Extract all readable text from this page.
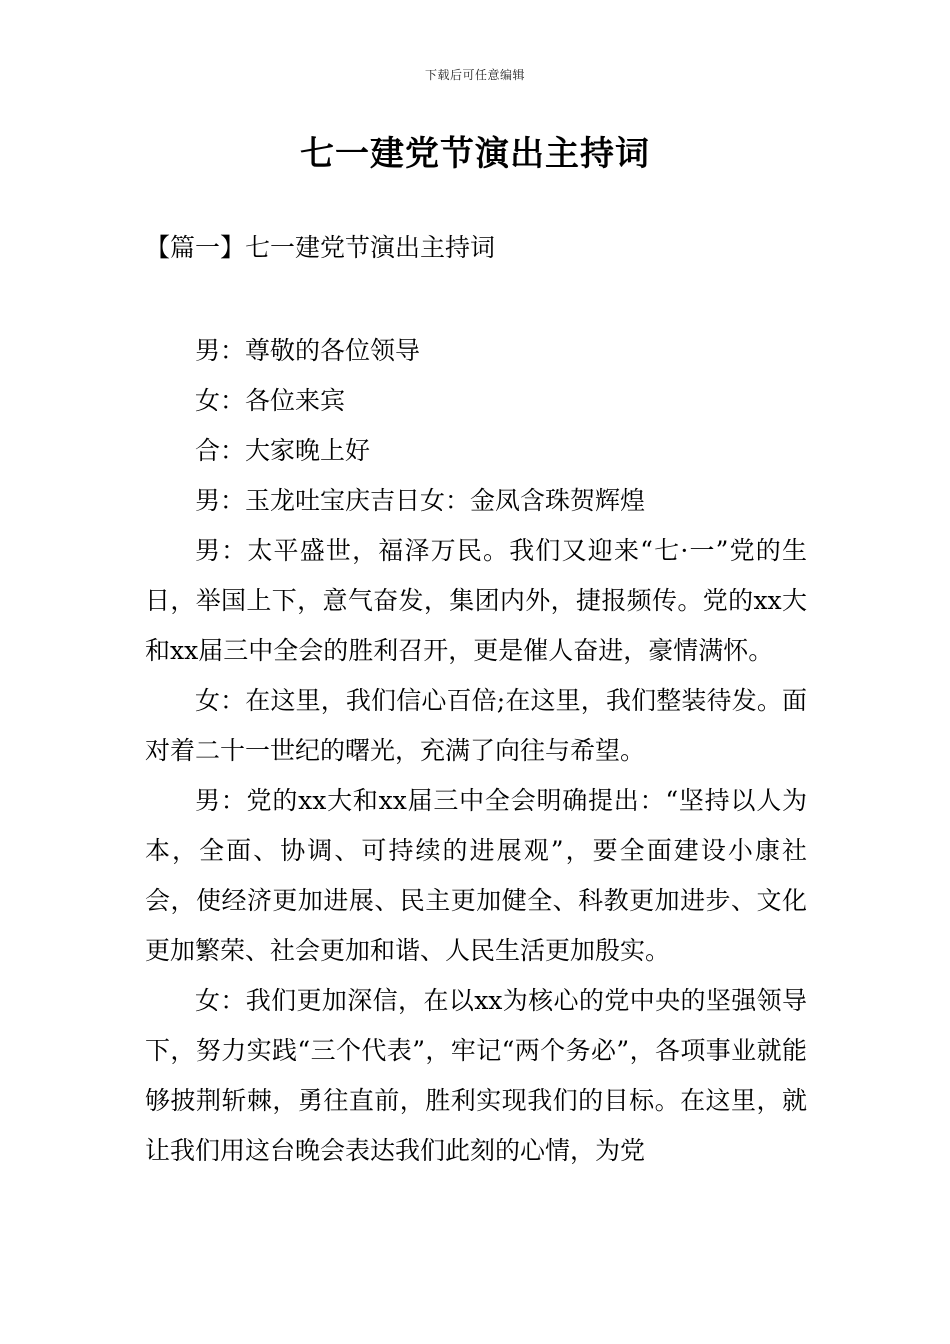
下载后可任意编辑
七一建党节演出主持词
【篇一】七一建党节演出主持词

男：尊敬的各位领导

女：各位来宾

合：大家晚上好

男：玉龙吐宝庆吉日女：金凤含珠贺辉煌

男：太平盛世，福泽万民。我们又迎来“七·一”党的生日，举国上下，意气奋发，集团内外，捷报频传。党的xx大和xx届三中全会的胜利召开，更是催人奋进，豪情满怀。

女：在这里，我们信心百倍;在这里，我们整装待发。面对着二十一世纪的曙光，充满了向往与希望。

男：党的xx大和xx届三中全会明确提出：“坚持以人为本，全面、协调、可持续的进展观”，要全面建设小康社会，使经济更加进展、民主更加健全、科教更加进步、文化更加繁荣、社会更加和谐、人民生活更加殷实。

女：我们更加深信，在以xx为核心的党中央的坚强领导下，努力实践“三个代表”，牢记“两个务必”，各项事业就能够披荆斩棘，勇往直前，胜利实现我们的目标。在这里，就让我们用这台晚会表达我们此刻的心情，为党
